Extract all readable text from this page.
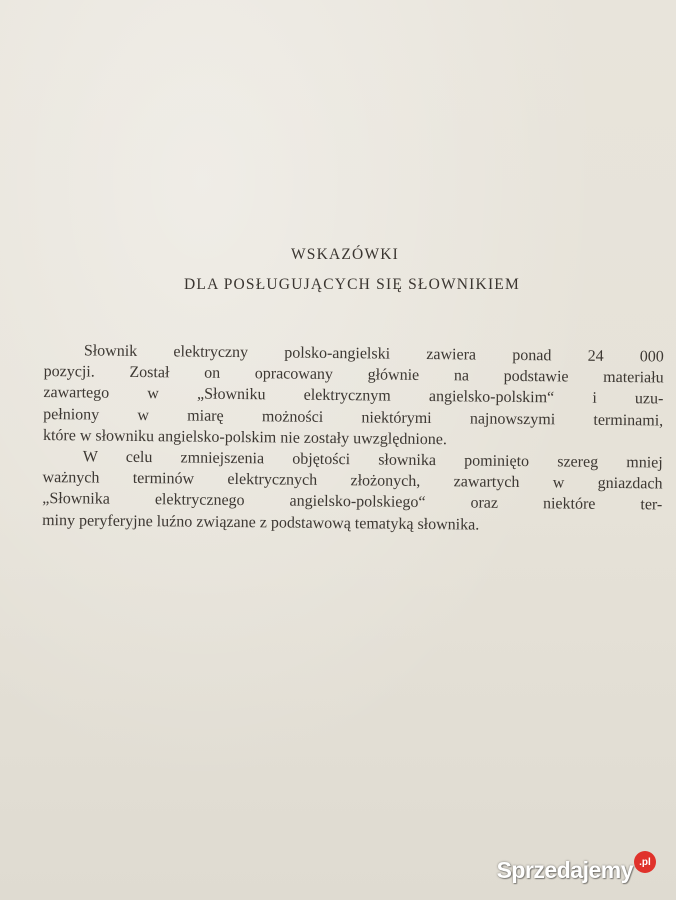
WSKAZÓWKI
DLA POSŁUGUJĄCYCH SIĘ SŁOWNIKIEM

Słownik elektryczny polsko-angielski zawiera ponad 24 000
pozycji. Został on opracowany głównie na podstawie materiału
zawartego w „Słowniku elektrycznym angielsko-polskim“ i uzu-
pełniony w miarę możności niektórymi najnowszymi terminami,
które w słowniku angielsko-polskim nie zostały uwzględnione.

W celu zmniejszenia objętości słownika pominięto szereg mniej
ważnych terminów elektrycznych złożonych, zawartych w gniazdach
„Słownika elektrycznego angielsko-polskiego“ oraz niektóre ter-
miny peryferyjne luźno związane z podstawową tematyką słownika.

Sprzedajemy .pl
